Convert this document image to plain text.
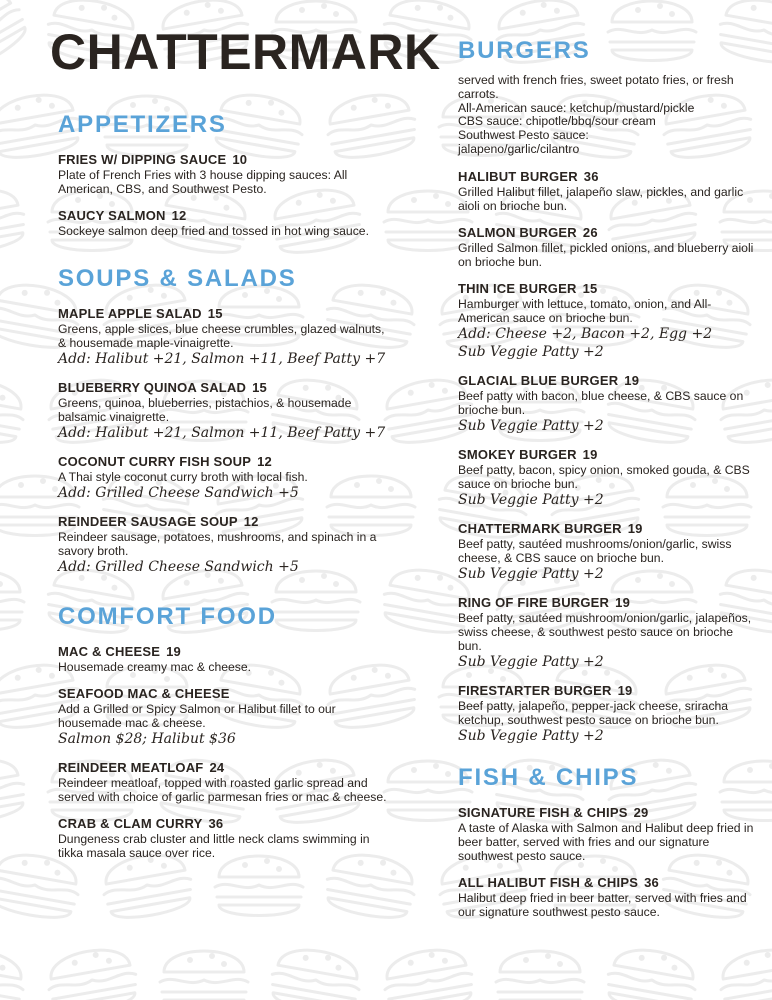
CHATTERMARK
APPETIZERS
FRIES W/ DIPPING SAUCE 10

Plate of French Fries with 3 house dipping sauces: All American, CBS, and Southwest Pesto.

SAUCY SALMON 12

Sockeye salmon deep fried and tossed in hot wing sauce.

SOUPS & SALADS
MAPLE APPLE SALAD 15

Greens, apple slices, blue cheese crumbles, glazed walnuts, & housemade maple-vinaigrette.

Add: Halibut +21, Salmon +11, Beef Patty +7

BLUEBERRY QUINOA SALAD 15

Greens, quinoa, blueberries, pistachios, & housemade balsamic vinaigrette.

Add: Halibut +21, Salmon +11, Beef Patty +7

COCONUT CURRY FISH SOUP 12

A Thai style coconut curry broth with local fish.

Add: Grilled Cheese Sandwich +5

REINDEER SAUSAGE SOUP 12

Reindeer sausage, potatoes, mushrooms, and spinach in a savory broth.

Add: Grilled Cheese Sandwich +5

COMFORT FOOD
MAC & CHEESE 19

Housemade creamy mac & cheese.

SEAFOOD MAC & CHEESE

Add a Grilled or Spicy Salmon or Halibut fillet to our housemade mac & cheese.

Salmon $28; Halibut $36

REINDEER MEATLOAF 24

Reindeer meatloaf, topped with roasted garlic spread and served with choice of garlic parmesan fries or mac & cheese.

CRAB & CLAM CURRY 36

Dungeness crab cluster and little neck clams swimming in tikka masala sauce over rice.

BURGERS

served with french fries, sweet potato fries, or fresh carrots.

All-American sauce: ketchup/mustard/pickle

CBS sauce: chipotle/bbq/sour cream

Southwest Pesto sauce:

jalapeno/garlic/cilantro

HALIBUT BURGER 36

Grilled Halibut fillet, jalapeño slaw, pickles, and garlic aioli on brioche bun.

SALMON BURGER 26

Grilled Salmon fillet, pickled onions, and blueberry aioli on brioche bun.

THIN ICE BURGER 15

Hamburger with lettuce, tomato, onion, and All-American sauce on brioche bun.

Add: Cheese +2, Bacon +2, Egg +2

Sub Veggie Patty +2

GLACIAL BLUE BURGER 19

Beef patty with bacon, blue cheese, & CBS sauce on brioche bun.

Sub Veggie Patty +2

SMOKEY BURGER 19

Beef patty, bacon, spicy onion, smoked gouda, & CBS sauce on brioche bun.

Sub Veggie Patty +2

CHATTERMARK BURGER 19

Beef patty, sautéed mushrooms/onion/garlic, swiss cheese, & CBS sauce on brioche bun.

Sub Veggie Patty +2

RING OF FIRE BURGER 19

Beef patty, sautéed mushroom/onion/garlic, jalapeños, swiss cheese, & southwest pesto sauce on brioche bun.

Sub Veggie Patty +2

FIRESTARTER BURGER 19

Beef patty, jalapeño, pepper-jack cheese, sriracha ketchup, southwest pesto sauce on brioche bun.

Sub Veggie Patty +2

FISH & CHIPS
SIGNATURE FISH & CHIPS 29

A taste of Alaska with Salmon and Halibut deep fried in beer batter, served with fries and our signature southwest pesto sauce.

ALL HALIBUT FISH & CHIPS 36

Halibut deep fried in beer batter, served with fries and our signature southwest pesto sauce.
